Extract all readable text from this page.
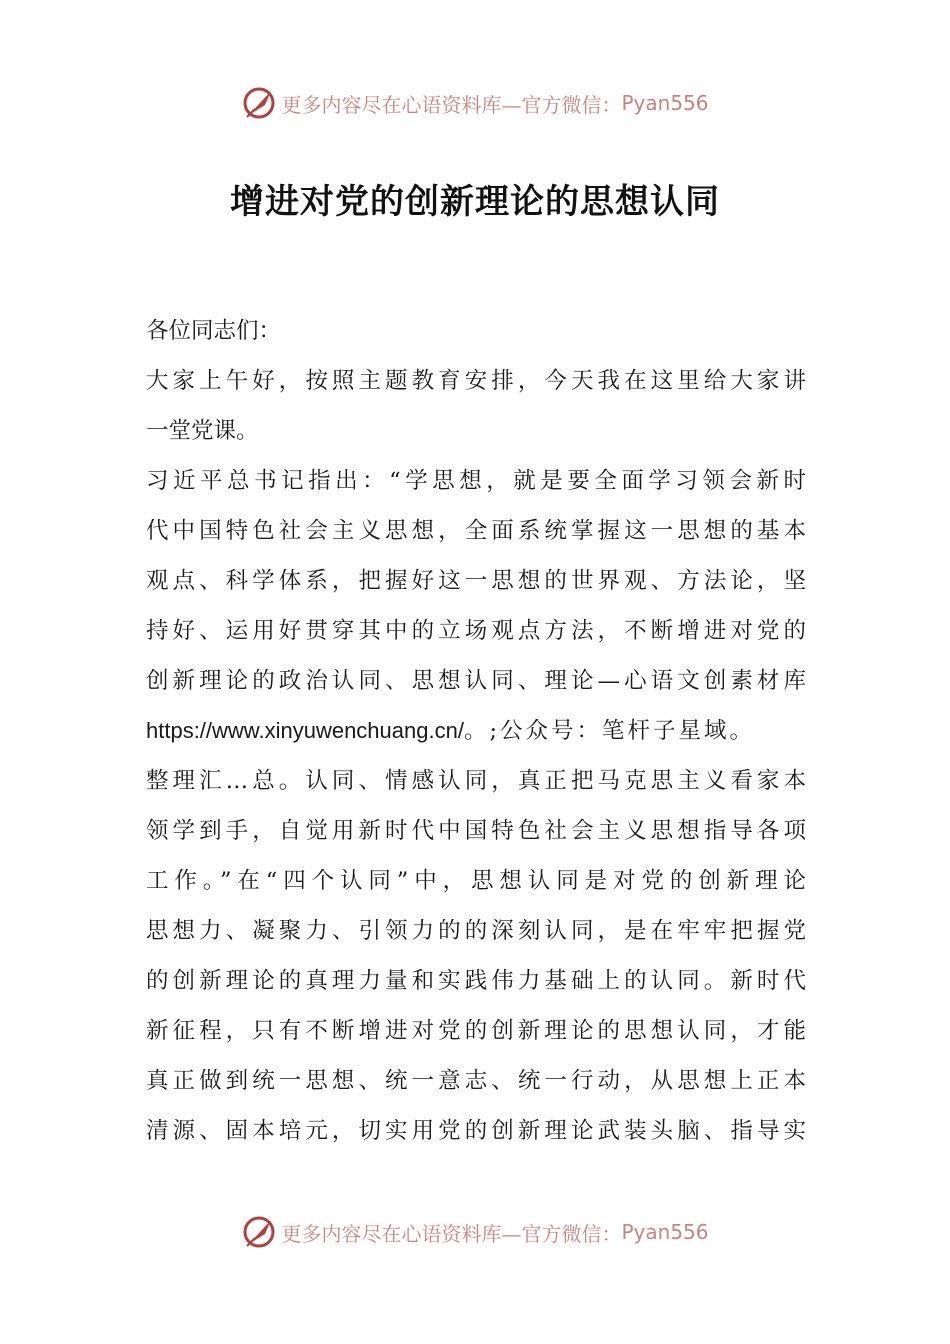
更多内容尽在心语资料库—官方微信： Pyan556
增进对党的创新理论的思想认同
各位同志们：
大家上午好，按照主题教育安排，今天我在这里给大家讲
一堂党课。
习近平总书记指出：“学思想，就是要全面学习领会新时
代中国特色社会主义思想，全面系统掌握这一思想的基本
观点、科学体系，把握好这一思想的世界观、方法论，坚
持好、运用好贯穿其中的立场观点方法，不断增进对党的
创新理论的政治认同、思想认同、理论—心语文创素材库
https://www.xinyuwenchuang.cn/。;公众号：笔杆子星域。
整理汇…总。认同、情感认同，真正把马克思主义看家本
领学到手，自觉用新时代中国特色社会主义思想指导各项
工作。”在“四个认同”中，思想认同是对党的创新理论
思想力、凝聚力、引领力的的深刻认同，是在牢牢把握党
的创新理论的真理力量和实践伟力基础上的认同。新时代
新征程，只有不断增进对党的创新理论的思想认同，才能
真正做到统一思想、统一意志、统一行动，从思想上正本
清源、固本培元，切实用党的创新理论武装头脑、指导实
更多内容尽在心语资料库—官方微信： Pyan556
